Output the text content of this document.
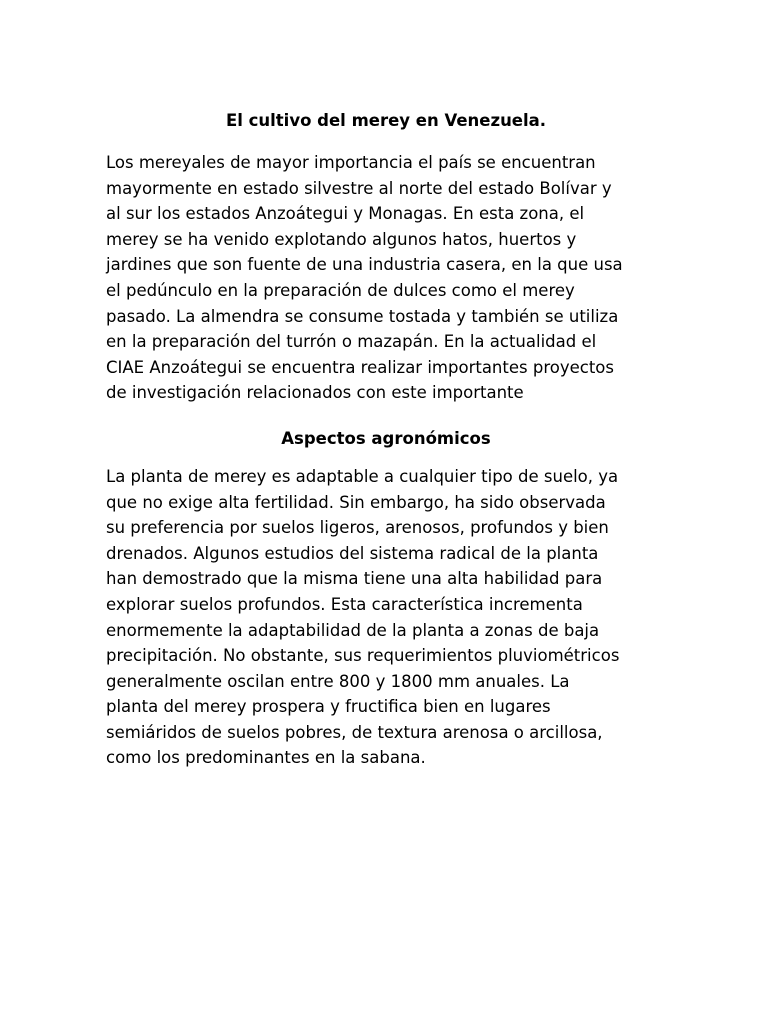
El cultivo del merey en Venezuela.

Los mereyales de mayor importancia el país se encuentran
mayormente en estado silvestre al norte del estado Bolívar y
al sur los estados Anzoátegui y Monagas. En esta zona, el
merey se ha venido explotando algunos hatos, huertos y
jardines que son fuente de una industria casera, en la que usa
el pedúnculo en la preparación de dulces como el merey
pasado. La almendra se consume tostada y también se utiliza
en la preparación del turrón o mazapán. En la actualidad el
CIAE Anzoátegui se encuentra realizar importantes proyectos
de investigación relacionados con este importante

Aspectos agronómicos

La planta de merey es adaptable a cualquier tipo de suelo, ya
que no exige alta fertilidad. Sin embargo, ha sido observada
su preferencia por suelos ligeros, arenosos, profundos y bien
drenados. Algunos estudios del sistema radical de la planta
han demostrado que la misma tiene una alta habilidad para
explorar suelos profundos. Esta característica incrementa
enormemente la adaptabilidad de la planta a zonas de baja
precipitación. No obstante, sus requerimientos pluviométricos
generalmente oscilan entre 800 y 1800 mm anuales. La
planta del merey prospera y fructifica bien en lugares
semiáridos de suelos pobres, de textura arenosa o arcillosa,
como los predominantes en la sabana.
